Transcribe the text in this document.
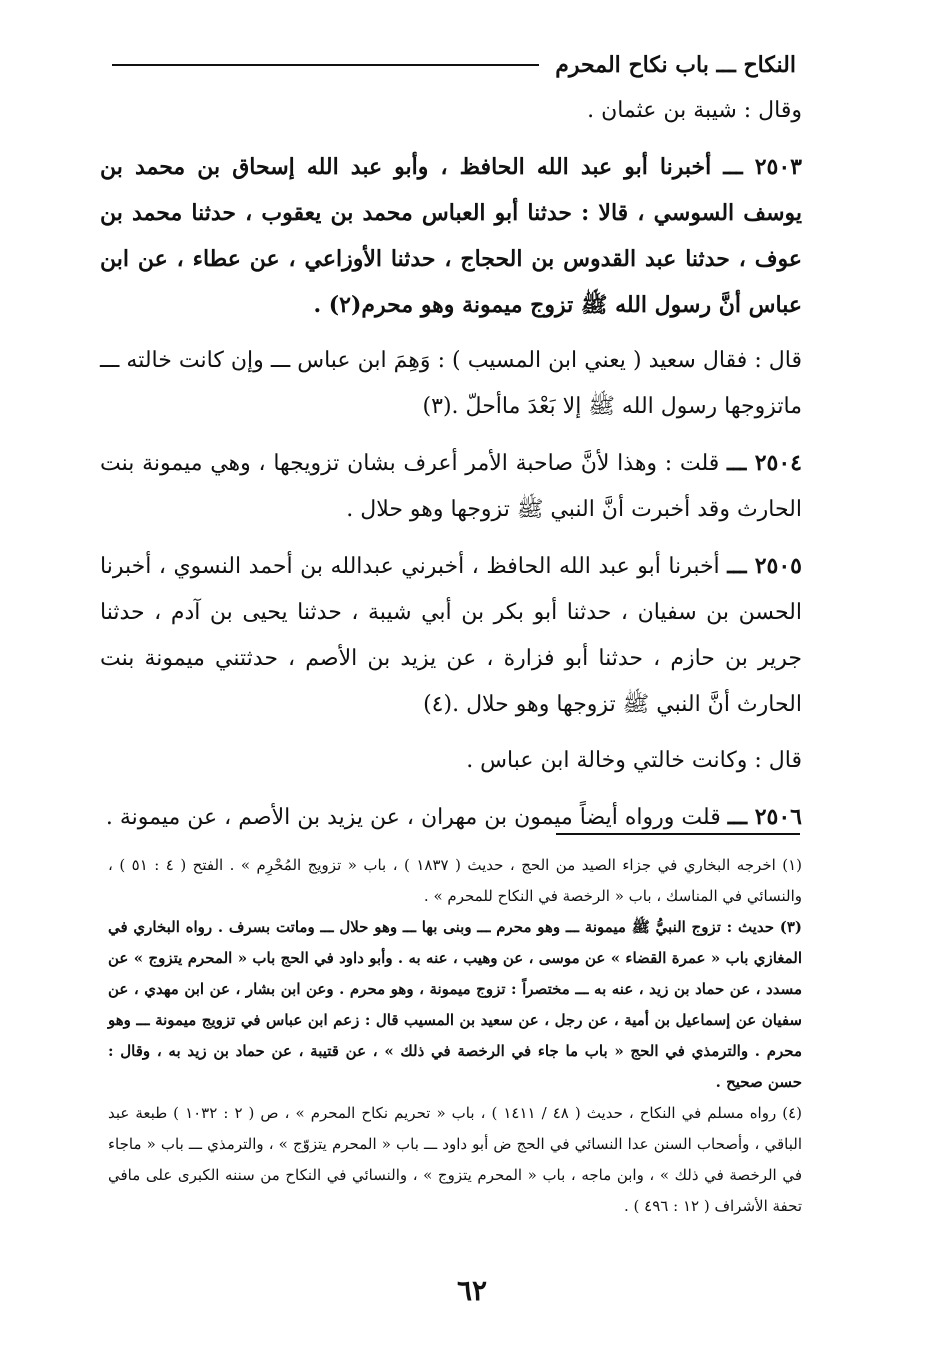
النكاح ـــ باب نكاح المحرم

وقال : شيبة بن عثمان .

٢٥٠٣ ـــ أخبرنا أبو عبد الله الحافظ ، وأبو عبد الله إسحاق بن محمد بن يوسف السوسي ، قالا : حدثنا أبو العباس محمد بن يعقوب ، حدثنا محمد بن عوف ، حدثنا عبد القدوس بن الحجاج ، حدثنا الأوزاعي ، عن عطاء ، عن ابن عباس أنَّ رسول الله ﷺ تزوج ميمونة وهو محرم(٢) .

قال : فقال سعيد ( يعني ابن المسيب ) : وَهِمَ ابن عباس ـــ وإن كانت خالته ـــ ماتزوجها رسول الله ﷺ إلا بَعْدَ ماأحلّ .(٣)

٢٥٠٤ ـــ قلت : وهذا لأنَّ صاحبة الأمر أعرف بشان تزويجها ، وهي ميمونة بنت الحارث وقد أخبرت أنَّ النبي ﷺ تزوجها وهو حلال .

٢٥٠٥ ـــ أخبرنا أبو عبد الله الحافظ ، أخبرني عبدالله بن أحمد النسوي ، أخبرنا الحسن بن سفيان ، حدثنا أبو بكر بن أبي شيبة ، حدثنا يحيى بن آدم ، حدثنا جرير بن حازم ، حدثنا أبو فزارة ، عن يزيد بن الأصم ، حدثتني ميمونة بنت الحارث أنَّ النبي ﷺ تزوجها وهو حلال .(٤)

قال : وكانت خالتي وخالة ابن عباس .

٢٥٠٦ ـــ قلت ورواه أيضاً ميمون بن مهران ، عن يزيد بن الأصم ، عن ميمونة .

(١) اخرجه البخاري في جزاء الصيد من الحج ، حديث ( ١٨٣٧ ) ، باب « تزويج المُحْرِم » . الفتح ( ٤ : ٥١ ) ، والنسائي في المناسك ، باب « الرخصة في النكاح للمحرم » .

(٣) حديث : تزوج النبيُّ ﷺ ميمونة ـــ وهو محرم ـــ وبنى بها ـــ وهو حلال ـــ وماتت بسرف . رواه البخاري في المغازي باب « عمرة القضاء » عن موسى ، عن وهيب ، عنه به . وأبو داود في الحج باب « المحرم يتزوج » عن مسدد ، عن حماد بن زيد ، عنه به ـــ مختصراً : تزوج ميمونة ، وهو محرم . وعن ابن بشار ، عن ابن مهدي ، عن سفيان عن إسماعيل بن أمية ، عن رجل ، عن سعيد بن المسيب قال : زعم ابن عباس في تزويج ميمونة ـــ وهو محرم . والترمذي في الحج « باب ما جاء في الرخصة في ذلك » ، عن قتيبة ، عن حماد بن زيد به ، وقال : حسن صحيح .

(٤) رواه مسلم في النكاح ، حديث ( ٤٨ / ١٤١١ ) ، باب « تحريم نكاح المحرم » ، ص ( ٢ : ١٠٣٢ ) طبعة عبد الباقي ، وأصحاب السنن عدا النسائي في الحج ض أبو داود ـــ باب « المحرم يتزوّج » ، والترمذي ـــ باب « ماجاء في الرخصة في ذلك » ، وابن ماجه ، باب « المحرم يتزوج » ، والنسائي في النكاح من سننه الكبرى على مافي تحفة الأشراف ( ١٢ : ٤٩٦ ) .

٦٢
